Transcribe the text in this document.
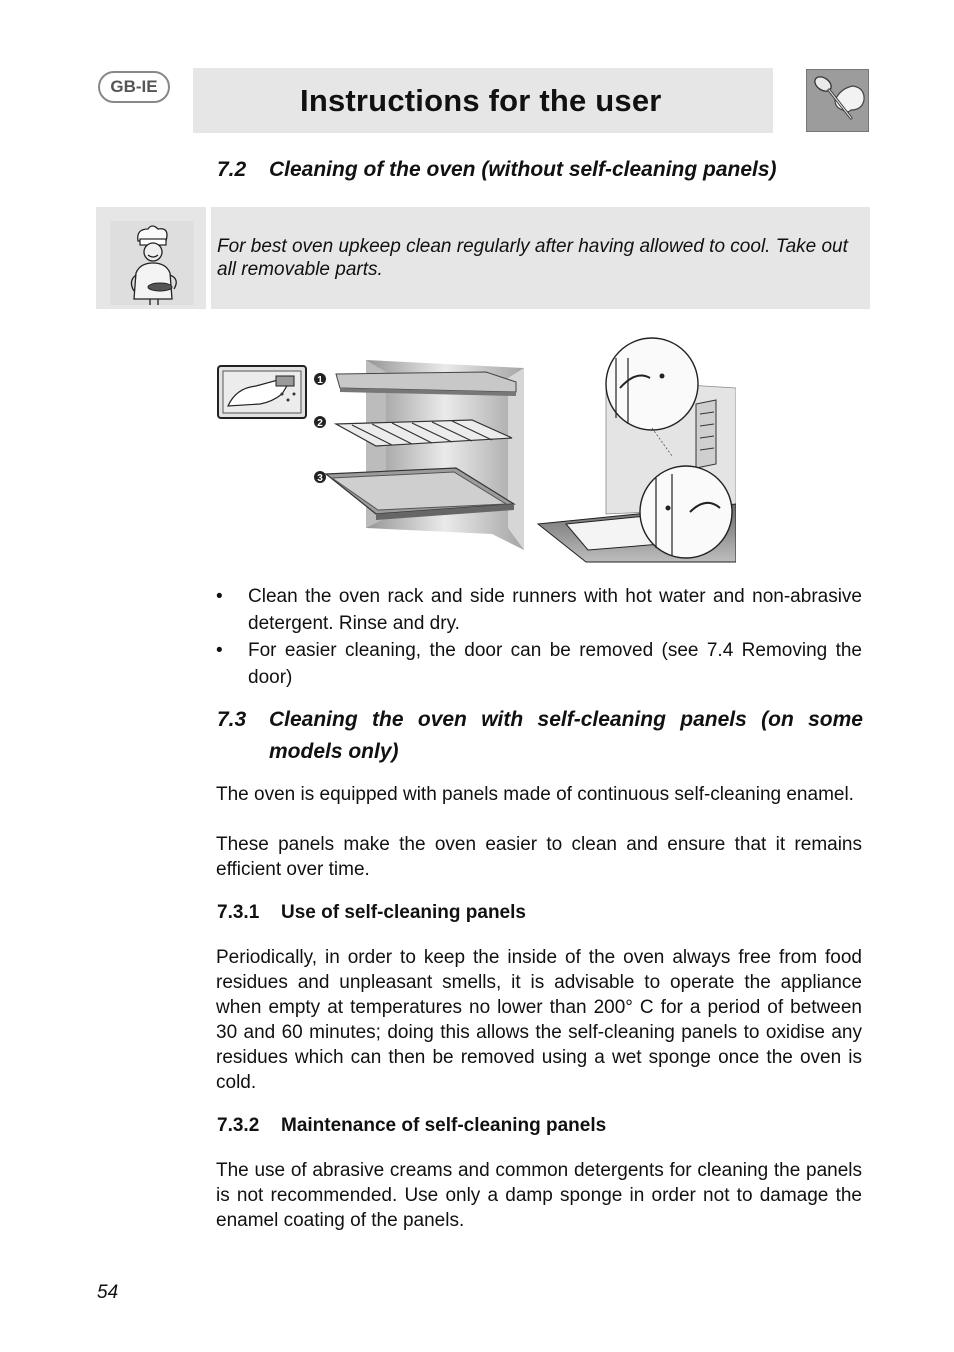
GB-IE	Instructions for the user
7.2 Cleaning of the oven (without self-cleaning panels)
For best oven upkeep clean regularly after having allowed to cool. Take out all removable parts.
1
2
3
• Clean the oven rack and side runners with hot water and non-abrasive detergent. Rinse and dry.
• For easier cleaning, the door can be removed (see 7.4 Removing the door)
7.3	Cleaning the oven with self-cleaning panels (on some models only)
The oven is equipped with panels made of continuous self-cleaning enamel.
These panels make the oven easier to clean and ensure that it remains efficient over time.
7.3.1 Use of self-cleaning panels
Periodically, in order to keep the inside of the oven always free from food residues and unpleasant smells, it is advisable to operate the appliance when empty at temperatures no lower than 200° C for a period of between 30 and 60 minutes; doing this allows the self-cleaning panels to oxidise any residues which can then be removed using a wet sponge once the oven is cold.
7.3.2 Maintenance of self-cleaning panels
The use of abrasive creams and common detergents for cleaning the panels is not recommended. Use only a damp sponge in order not to damage the enamel coating of the panels.
54
